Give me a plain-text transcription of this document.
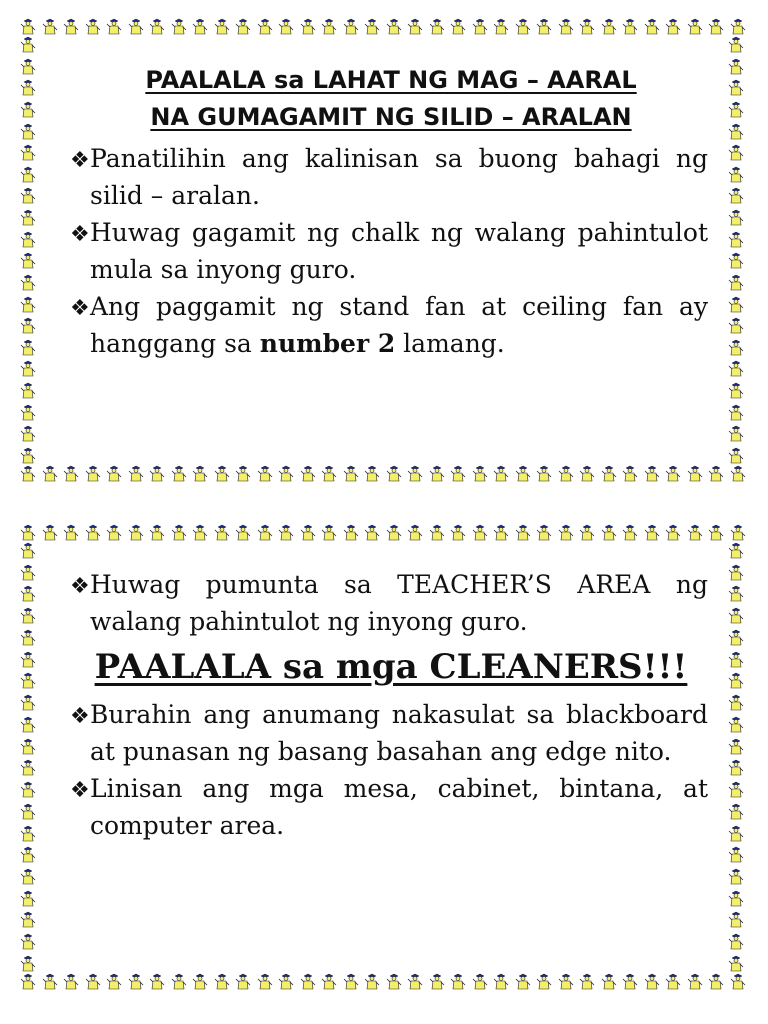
PAALALA sa LAHAT NG MAG – AARAL
NA GUMAGAMIT NG SILID – ARALAN
❖ Panatilihin ang kalinisan sa buong bahagi ng silid – aralan.
❖ Huwag gagamit ng chalk ng walang pahintulot mula sa inyong guro.
❖ Ang paggamit ng stand fan at ceiling fan ay hanggang sa number 2 lamang.
❖ Huwag pumunta sa TEACHER’S AREA ng walang pahintulot ng inyong guro.
PAALALA sa mga CLEANERS!!!
❖ Burahin ang anumang nakasulat sa blackboard at punasan ng basang basahan ang edge nito.
❖ Linisan ang mga mesa, cabinet, bintana, at computer area.
